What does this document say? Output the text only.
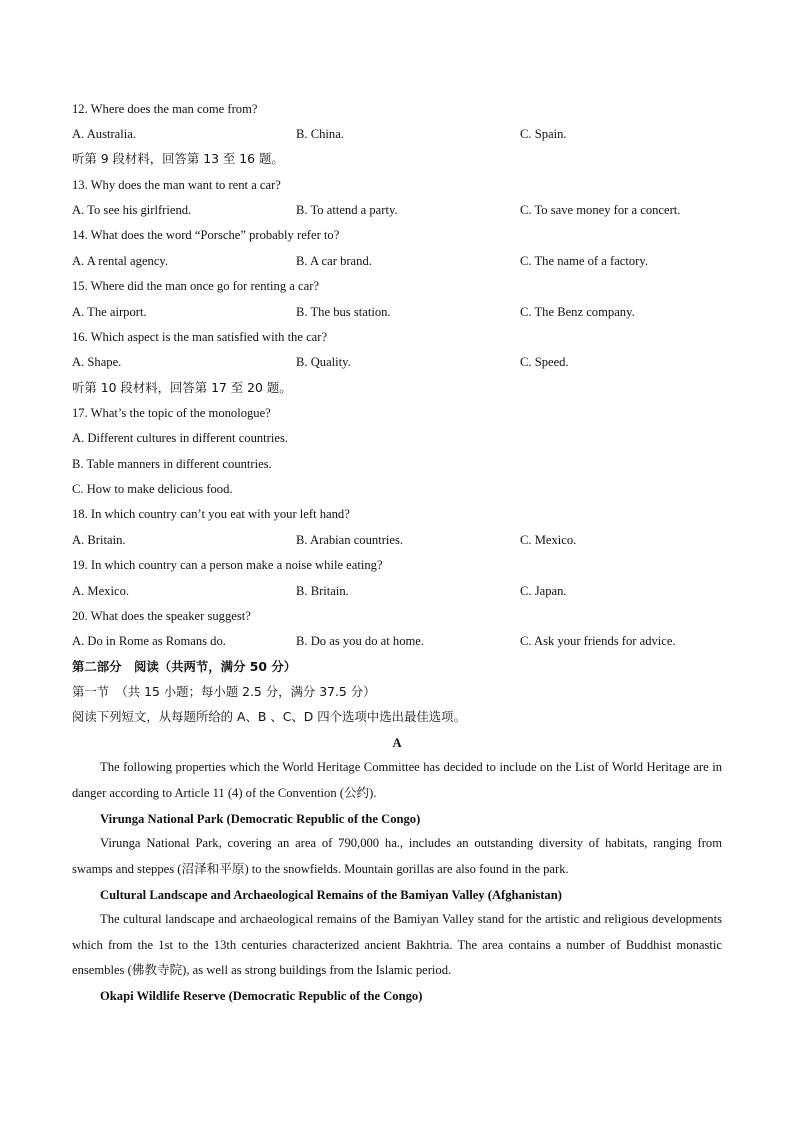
12. Where does the man come from?
A. Australia.	B. China.	C. Spain.
听第 9 段材料，回答第 13 至 16 题。
13. Why does the man want to rent a car?
A. To see his girlfriend.	B. To attend a party.	C. To save money for a concert.
14. What does the word “Porsche” probably refer to?
A. A rental agency.	B. A car brand.	C. The name of a factory.
15. Where did the man once go for renting a car?
A. The airport.	B. The bus station.	C. The Benz company.
16. Which aspect is the man satisfied with the car?
A. Shape.	B. Quality.	C. Speed.
听第 10 段材料，回答第 17 至 20 题。
17. What’s the topic of the monologue?
A. Different cultures in different countries.
B. Table manners in different countries.
C. How to make delicious food.
18. In which country can’t you eat with your left hand?
A. Britain.	B. Arabian countries.	C. Mexico.
19. In which country can a person make a noise while eating?
A. Mexico.	B. Britain.	C. Japan.
20. What does the speaker suggest?
A. Do in Rome as Romans do.	B. Do as you do at home.	C. Ask your friends for advice.
第二部分　阅读（共两节，满分 50 分）
第一节　（共 15 小题；每小题 2.5 分，满分 37.5 分）
阅读下列短文，从每题所给的 A、B 、C、D 四个选项中选出最佳选项。
A
The following properties which the World Heritage Committee has decided to include on the List of World Heritage are in danger according to Article 11 (4) of the Convention (公约).
Virunga National Park (Democratic Republic of the Congo)
Virunga National Park, covering an area of 790,000 ha., includes an outstanding diversity of habitats, ranging from swamps and steppes (沼泽和平原) to the snowfields. Mountain gorillas are also found in the park.
Cultural Landscape and Archaeological Remains of the Bamiyan Valley (Afghanistan)
The cultural landscape and archaeological remains of the Bamiyan Valley stand for the artistic and religious developments which from the 1st to the 13th centuries characterized ancient Bakhtria. The area contains a number of Buddhist monastic ensembles (佛教寺院), as well as strong buildings from the Islamic period.
Okapi Wildlife Reserve (Democratic Republic of the Congo)
